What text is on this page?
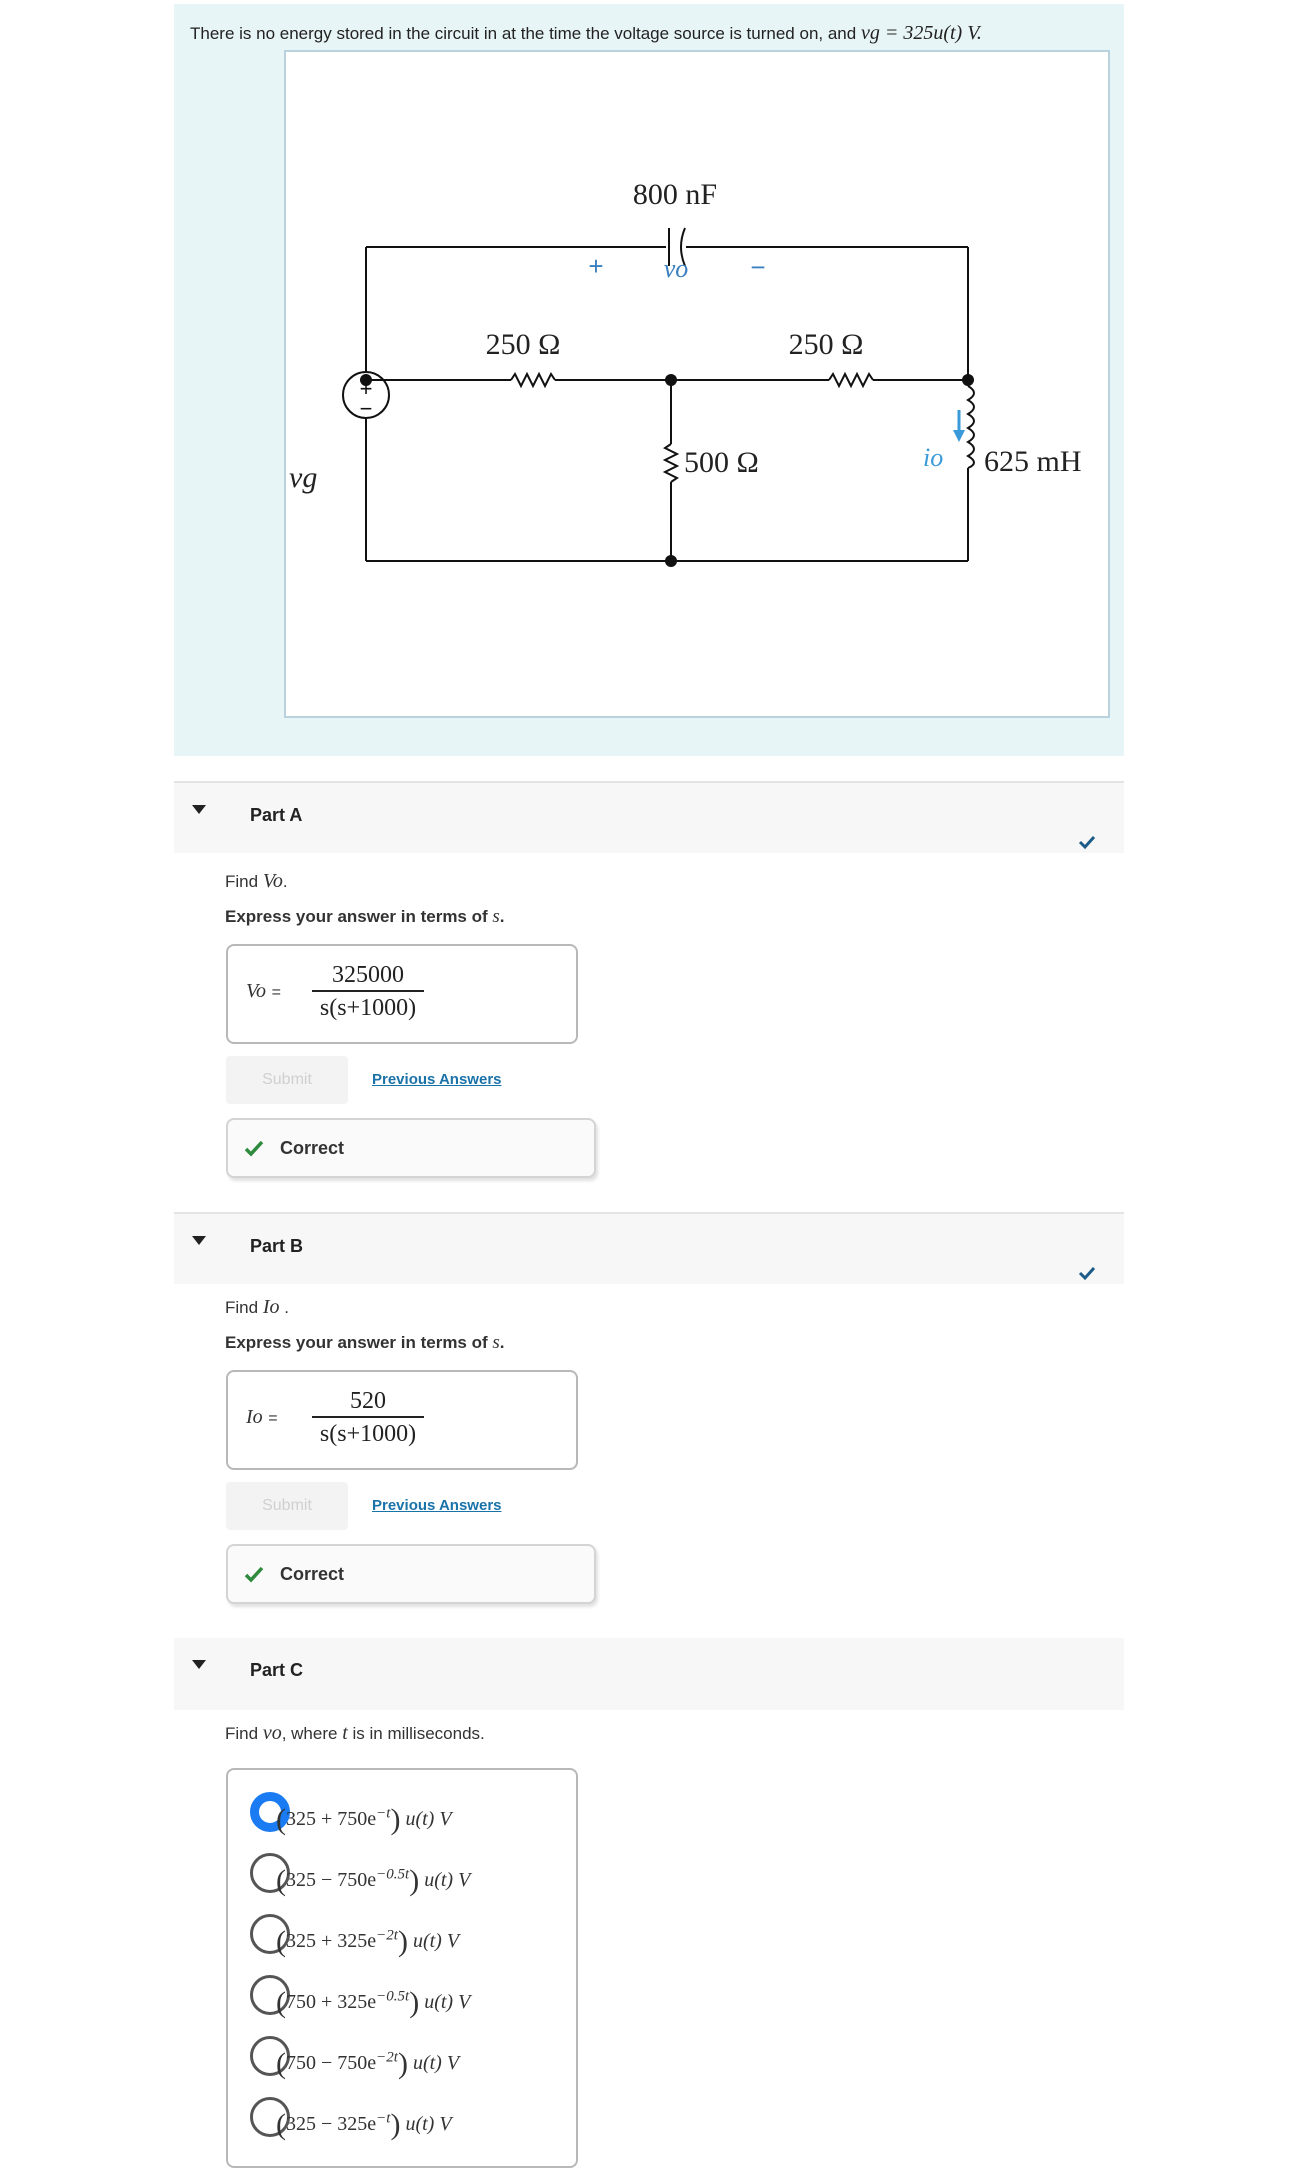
There is no energy stored in the circuit in at the time the voltage source is turned on, and vg = 325u(t) V.
800 nF
+ vo −
250 Ω	250 Ω
500 Ω	625 mH
io
vg
+
−
Part A
Find Vo.
Express your answer in terms of s.
Vo =
325000
s(s+1000)
Submit	Previous Answers
Correct
Part B
Find Io .
Express your answer in terms of s.
Io =
520
s(s+1000)
Submit	Previous Answers
Correct
Part C
Find vo, where t is in milliseconds.
$(325 + 750e^{-t})$ u(t) V
$(325 - 750e^{-0.5t})$ u(t) V
$(325 + 325e^{-2t})$ u(t) V
$(750 + 325e^{-0.5t})$ u(t) V
$(750 - 750e^{-2t})$ u(t) V
$(325 - 325e^{-t})$ u(t) V
